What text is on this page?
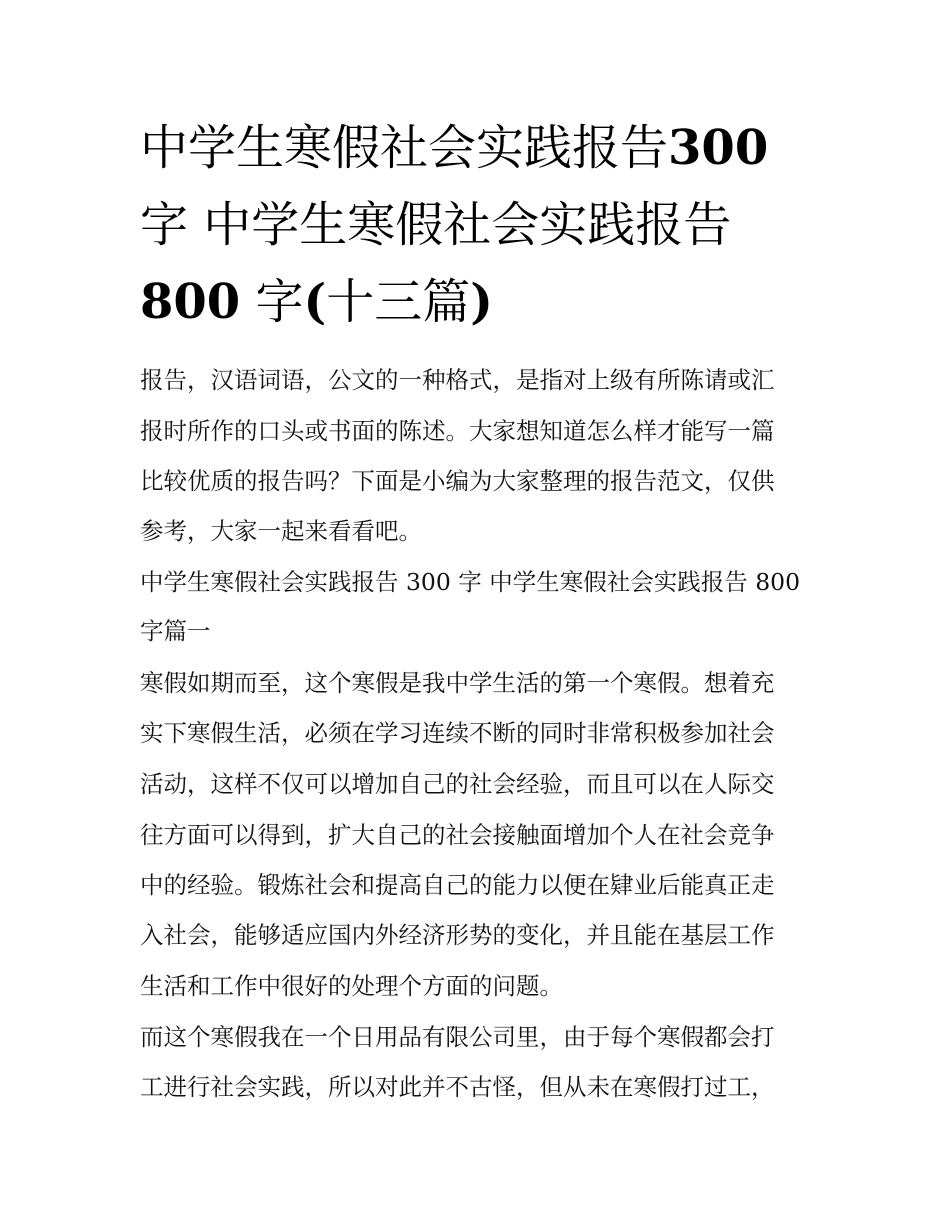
中学生寒假社会实践报告300
字 中学生寒假社会实践报告
800 字(十三篇)
报告，汉语词语，公文的一种格式，是指对上级有所陈请或汇
报时所作的口头或书面的陈述。大家想知道怎么样才能写一篇
比较优质的报告吗？下面是小编为大家整理的报告范文，仅供
参考，大家一起来看看吧。
中学生寒假社会实践报告 300 字 中学生寒假社会实践报告 800
字篇一
寒假如期而至，这个寒假是我中学生活的第一个寒假。想着充
实下寒假生活，必须在学习连续不断的同时非常积极参加社会
活动，这样不仅可以增加自己的社会经验，而且可以在人际交
往方面可以得到，扩大自己的社会接触面增加个人在社会竞争
中的经验。锻炼社会和提高自己的能力以便在肄业后能真正走
入社会，能够适应国内外经济形势的变化，并且能在基层工作
生活和工作中很好的处理个方面的问题。
而这个寒假我在一个日用品有限公司里，由于每个寒假都会打
工进行社会实践，所以对此并不古怪，但从未在寒假打过工，
